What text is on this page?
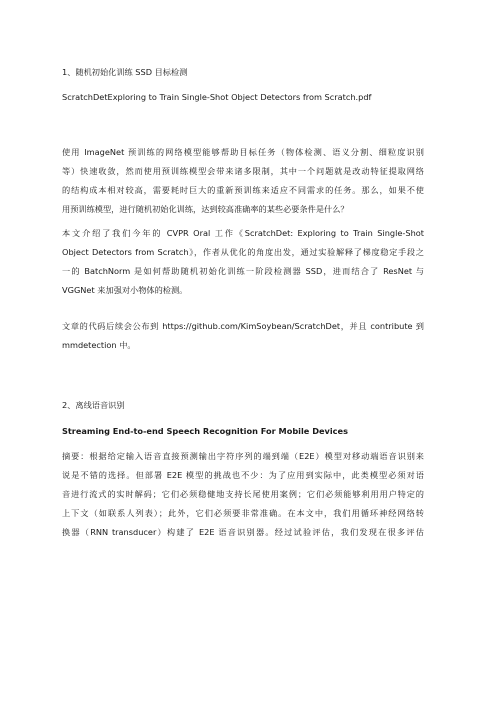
1、随机初始化训练 SSD 目标检测
ScratchDetExploring to Train Single-Shot Object Detectors from Scratch.pdf
使用 ImageNet 预训练的网络模型能够帮助目标任务（物体检测、语义分割、细粒度识别
等）快速收敛，然而使用预训练模型会带来诸多限制，其中一个问题就是改动特征提取网络
的结构成本相对较高，需要耗时巨大的重新预训练来适应不同需求的任务。那么，如果不使
用预训练模型，进行随机初始化训练，达到较高准确率的某些必要条件是什么？
本文介绍了我们今年的 CVPR Oral 工作《ScratchDet: Exploring to Train Single-Shot
Object Detectors from Scratch》，作者从优化的角度出发，通过实验解释了梯度稳定手段之
一的 BatchNorm 是如何帮助随机初始化训练一阶段检测器 SSD，进而结合了 ResNet 与
VGGNet 来加强对小物体的检测。
文章的代码后续会公布到 https://github.com/KimSoybean/ScratchDet，并且 contribute 到
mmdetection 中。
2、离线语音识别
Streaming End-to-end Speech Recognition For Mobile Devices
摘要：根据给定输入语音直接预测输出字符序列的端到端（E2E）模型对移动端语音识别来
说是不错的选择。但部署 E2E 模型的挑战也不少：为了应用到实际中，此类模型必须对语
音进行流式的实时解码；它们必须稳健地支持长尾使用案例；它们必须能够利用用户特定的
上下文（如联系人列表）；此外，它们必须要非常准确。在本文中，我们用循环神经网络转
换器（RNN transducer）构建了 E2E 语音识别器。经过试验评估，我们发现在很多评估
